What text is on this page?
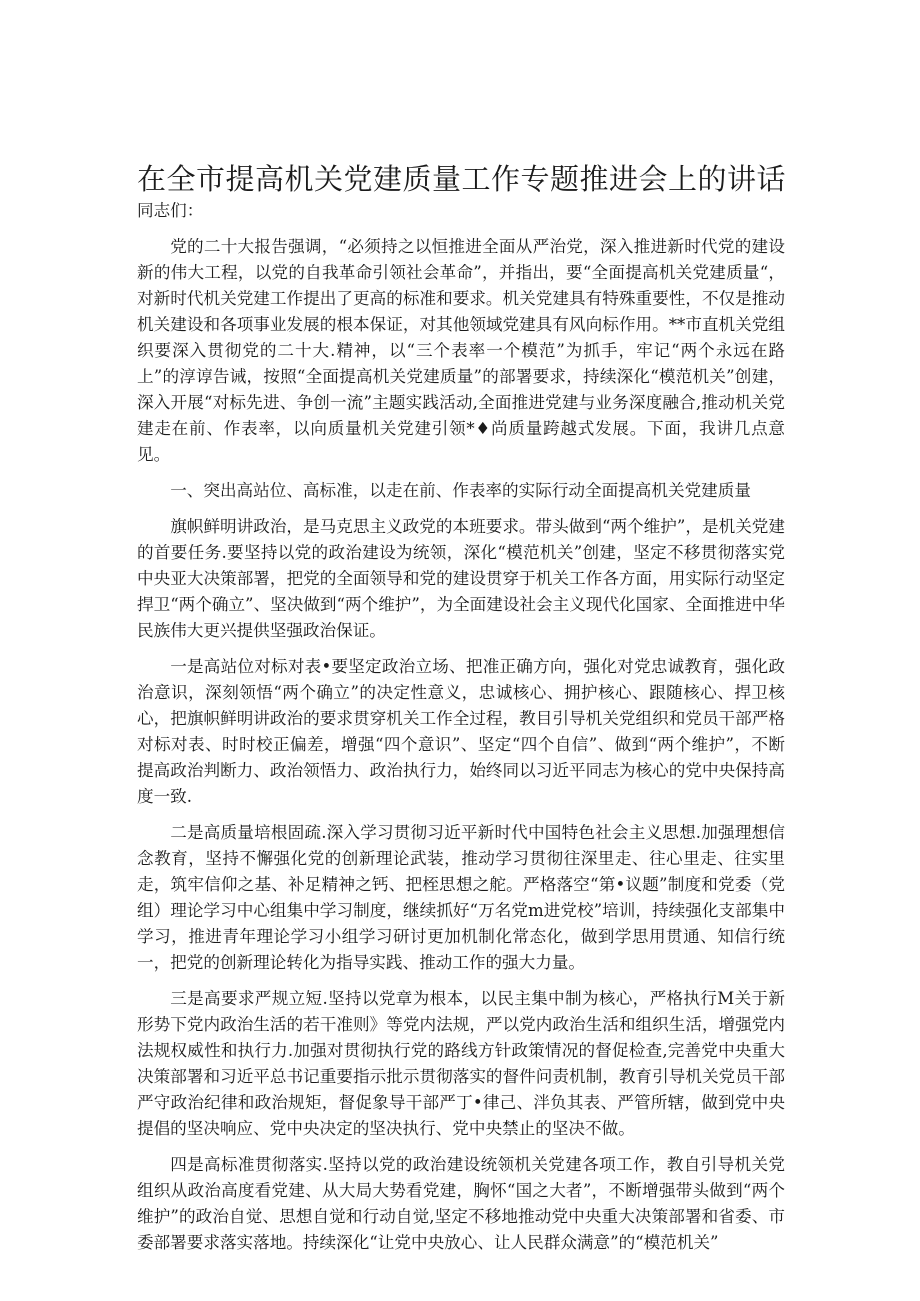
在全市提高机关党建质量工作专题推进会上的讲话

同志们：

党的二十大报告强调，“必须持之以恒推进全面从严治党，深入推进新时代党的建设新的伟大工程，以党的自我革命引领社会革命”，并指出，要“全面提高机关党建质量“，对新时代机关党建工作提出了更高的标准和要求。机关党建具有特殊重要性，不仅是推动机关建设和各项事业发展的根本保证，对其他领域党建具有风向标作用。**市直机关党组织要深入贯彻党的二十大.精神，以“三个表率一个模范”为抓手，牢记“两个永远在路上”的淳谆告诫，按照“全面提高机关党建质量”的部署要求，持续深化“模范机关”创建，深入开展“对标先进、争创一流”主题实践活动,全面推进党建与业务深度融合,推动机关党建走在前、作表率，以向质量机关党建引领*♦尚质量跨越式发展。下面，我讲几点意见。

一、突出高站位、高标准，以走在前、作表率的实际行动全面提高机关党建质量

旗帜鲜明讲政治，是马克思主义政党的本班要求。带头做到“两个维护”，是机关党建的首要任务.要坚持以党的政治建设为统领，深化“模范机关”创建，坚定不移贯彻落实党中央亚大决策部署，把党的全面领导和党的建设贯穿于机关工作各方面，用实际行动坚定捍卫“两个确立”、坚决做到“两个维护”，为全面建设社会主义现代化国家、全面推进中华民族伟大更兴提供坚强政治保证。

一是高站位对标对表•要坚定政治立场、把准正确方向，强化对党忠诚教育，强化政治意识，深刻领悟“两个确立”的决定性意义，忠诚核心、拥护核心、跟随核心、捍卫核心，把旗帜鲜明讲政治的要求贯穿机关工作全过程，教目引导机关党组织和党员干部严格对标对表、时时校正偏差，增强“四个意识”、坚定“四个自信”、做到“两个维护”，不断提高政治判断力、政治领悟力、政治执行力，始终同以习近平同志为核心的党中央保持高度一致.

二是高质量培根固疏.深入学习贯彻习近平新时代中国特色社会主义思想.加强理想信念教育，坚持不懈强化党的创新理论武装，推动学习贯彻往深里走、往心里走、往实里走，筑牢信仰之基、补足精神之钙、把桎思想之舵。严格落空“第•议题”制度和党委（党组）理论学习中心组集中学习制度，继续抓好“万名党m进党校”培训，持续强化支部集中学习，推进青年理论学习小组学习研讨更加机制化常态化，做到学思用贯通、知信行统一，把党的创新理论转化为指导实践、推动工作的强大力量。

三是高要求严规立短.坚持以党章为根本，以民主集中制为核心，严格执行M关于新形势下党内政治生活的若干准则》等党内法规，严以党内政治生活和组织生活，增强党内法规权威性和执行力.加强对贯彻执行党的路线方针政策情况的督促检查,完善党中央重大决策部署和习近平总书记重要指示批示贯彻落实的督件问责机制，教育引导机关党员干部严守政治纪律和政治规矩，督促象导干部严丁•律己、泮负其表、严管所辖，做到党中央提倡的坚决响应、党中央决定的坚决执行、党中央禁止的坚决不做。

四是高标准贯彻落实.坚持以党的政治建设统领机关党建各项工作，教自引导机关党组织从政治高度看党建、从大局大势看党建，胸怀“国之大者”，不断增强带头做到“两个维护”的政治自觉、思想自觉和行动自觉,坚定不移地推动党中央重大决策部署和省委、市委部署要求落实落地。持续深化“让党中央放心、让人民群众满意”的“模范机关”
